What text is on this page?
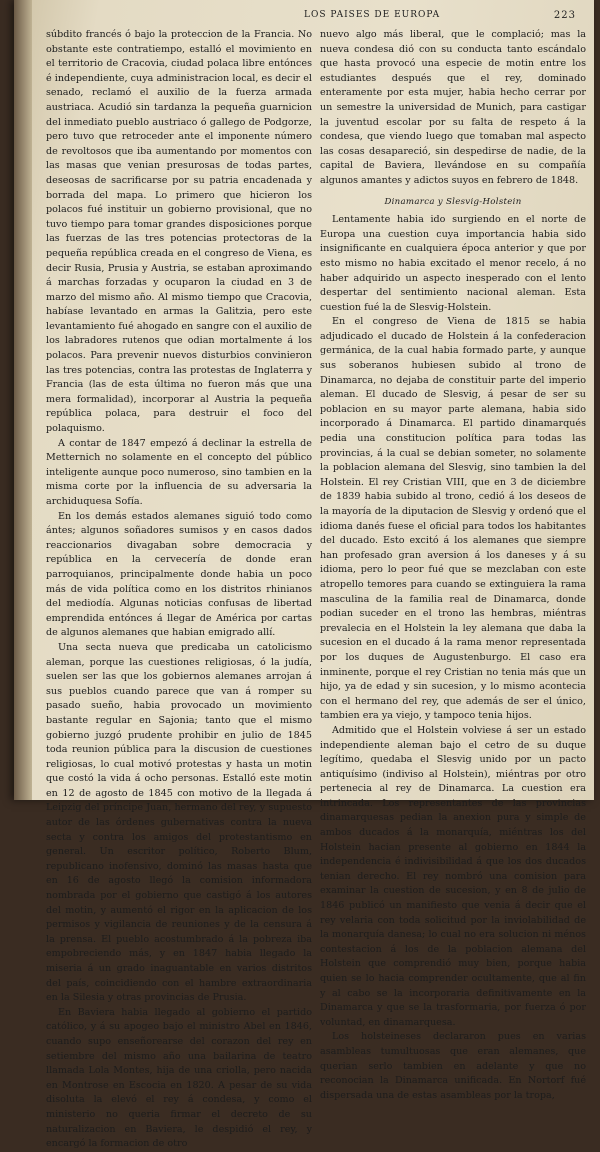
LOS PAISES DE EUROPA	223

súbdito francés ó bajo la proteccion de la Francia. No obstante este contratiempo, estalló el movimiento en el territorio de Cracovia, ciudad polaca libre entónces é independiente, cuya administracion local, es decir el senado, reclamó el auxilio de la fuerza armada austriaca. Acudió sin tardanza la pequeña guarnicion del inmediato pueblo austriaco ó gallego de Podgorze, pero tuvo que retroceder ante el imponente número de revoltosos que iba aumentando por momentos con las masas que venian presurosas de todas partes, deseosas de sacrificarse por su patria encadenada y borrada del mapa. Lo primero que hicieron los polacos fué instituir un gobierno provisional, que no tuvo tiempo para tomar grandes disposiciones porque las fuerzas de las tres potencias protectoras de la pequeña república creada en el congreso de Viena, es decir Rusia, Prusia y Austria, se estaban aproximando á marchas forzadas y ocuparon la ciudad en 3 de marzo del mismo año. Al mismo tiempo que Cracovia, habíase levantado en armas la Galitzia, pero este levantamiento fué ahogado en sangre con el auxilio de los labradores rutenos que odian mortalmente á los polacos. Para prevenir nuevos disturbios convinieron las tres potencias, contra las protestas de Inglaterra y Francia (las de esta última no fueron más que una mera formalidad), incorporar al Austria la pequeña república polaca, para destruir el foco del polaquismo.

A contar de 1847 empezó á declinar la estrella de Metternich no solamente en el concepto del público inteligente aunque poco numeroso, sino tambien en la misma corte por la influencia de su adversaria la archiduquesa Sofía.

En los demás estados alemanes siguió todo como ántes; algunos soñadores sumisos y en casos dados reaccionarios divagaban sobre democracia y república en la cervecería de donde eran parroquianos, principalmente donde habia un poco más de vida política como en los distritos rhinianos del mediodía. Algunas noticias confusas de libertad emprendida entónces á llegar de América por cartas de algunos alemanes que habian emigrado allí.

Una secta nueva que predicaba un catolicismo aleman, porque las cuestiones religiosas, ó la judía, suelen ser las que los gobiernos alemanes arrojan á sus pueblos cuando parece que van á romper su pasado sueño, habia provocado un movimiento bastante regular en Sajonia; tanto que el mismo gobierno juzgó prudente prohibir en julio de 1845 toda reunion pública para la discusion de cuestiones religiosas, lo cual motivó protestas y hasta un motin que costó la vida á ocho personas. Estalló este motin en 12 de agosto de 1845 con motivo de la llegada á Leipzig del príncipe Juan, hermano del rey, y supuesto autor de las órdenes gubernativas contra la nueva secta y contra los amigos del protestantismo en general. Un escritor político, Roberto Blum, republicano inofensivo, dominó las masas hasta que en 16 de agosto llegó la comision informadora nombrada por el gobierno que castigó á los autores del motin, y aumentó el rigor en la aplicacion de los permisos y vigilancia de reuniones y de la censura á la prensa. El pueblo acostumbrado á la pobreza iba empobreciendo más, y en 1847 habia llegado la miseria á un grado inaguantable en varios distritos del país, coincidiendo con el hambre extraordinaria en la Silesia y otras provincias de Prusia.

En Baviera habia llegado al gobierno el partido católico, y á su apogeo bajo el ministro Abel en 1846, cuando supo enseñorearse del corazon del rey en setiembre del mismo año una bailarina de teatro llamada Lola Montes, hija de una criolla, pero nacida en Montrose en Escocia en 1820. A pesar de su vida disoluta la elevó el rey á condesa, y como el ministerio no queria firmar el decreto de su naturalizacion en Baviera, le despidió el rey, y encargó la formacion de otro

nuevo algo más liberal, que le complació; mas la nueva condesa dió con su conducta tanto escándalo que hasta provocó una especie de motin entre los estudiantes después que el rey, dominado enteramente por esta mujer, habia hecho cerrar por un semestre la universidad de Munich, para castigar la juventud escolar por su falta de respeto á la condesa, que viendo luego que tomaban mal aspecto las cosas desapareció, sin despedirse de nadie, de la capital de Baviera, llevándose en su compañía algunos amantes y adictos suyos en febrero de 1848.

Dinamarca y Slesvig-Holstein

Lentamente habia ido surgiendo en el norte de Europa una cuestion cuya importancia habia sido insignificante en cualquiera época anterior y que por esto mismo no habia excitado el menor recelo, á no haber adquirido un aspecto inesperado con el lento despertar del sentimiento nacional aleman. Esta cuestion fué la de Slesvig-Holstein.

En el congreso de Viena de 1815 se habia adjudicado el ducado de Holstein á la confederacion germánica, de la cual habia formado parte, y aunque sus soberanos hubiesen subido al trono de Dinamarca, no dejaba de constituir parte del imperio aleman. El ducado de Slesvig, á pesar de ser su poblacion en su mayor parte alemana, habia sido incorporado á Dinamarca. El partido dinamarqués pedia una constitucion política para todas las provincias, á la cual se debian someter, no solamente la poblacion alemana del Slesvig, sino tambien la del Holstein. El rey Cristian VIII, que en 3 de diciembre de 1839 habia subido al trono, cedió á los deseos de la mayoría de la diputacion de Slesvig y ordenó que el idioma danés fuese el oficial para todos los habitantes del ducado. Esto excitó á los alemanes que siempre han profesado gran aversion á los daneses y á su idioma, pero lo peor fué que se mezclaban con este atropello temores para cuando se extinguiera la rama masculina de la familia real de Dinamarca, donde podian suceder en el trono las hembras, miéntras prevalecia en el Holstein la ley alemana que daba la sucesion en el ducado á la rama menor representada por los duques de Augustenburgo. El caso era inminente, porque el rey Cristian no tenia más que un hijo, ya de edad y sin sucesion, y lo mismo acontecia con el hermano del rey, que además de ser el único, tambien era ya viejo, y tampoco tenia hijos.

Admitido que el Holstein volviese á ser un estado independiente aleman bajo el cetro de su duque legítimo, quedaba el Slesvig unido por un pacto antiquísimo (indiviso al Holstein), miéntras por otro pertenecia al rey de Dinamarca. La cuestion era intrincada. Los representantes de las provincias dinamarquesas pedian la anexion pura y simple de ambos ducados á la monarquía, miéntras los del Holstein hacian presente al gobierno en 1844 la independencia é indivisibilidad á que los dos ducados tenian derecho. El rey nombró una comision para examinar la cuestion de sucesion, y en 8 de julio de 1846 publicó un manifiesto que venia á decir que el rey velaria con toda solicitud por la inviolabilidad de la monarquía danesa; lo cual no era solucion ni ménos contestacion á los de la poblacion alemana del Holstein que comprendió muy bien, porque habia quien se lo hacia comprender ocultamente, que al fin y al cabo se la incorporaria definitivamente en la Dinamarca y que se la trasformaria, por fuerza ó por voluntad, en dinamarquesa.

Los holsteineses declararon pues en varias asambleas tumultuosas que eran alemanes, que querian serlo tambien en adelante y que no reconocian la Dinamarca unificada. En Nortorf fué dispersada una de estas asambleas por la tropa,
